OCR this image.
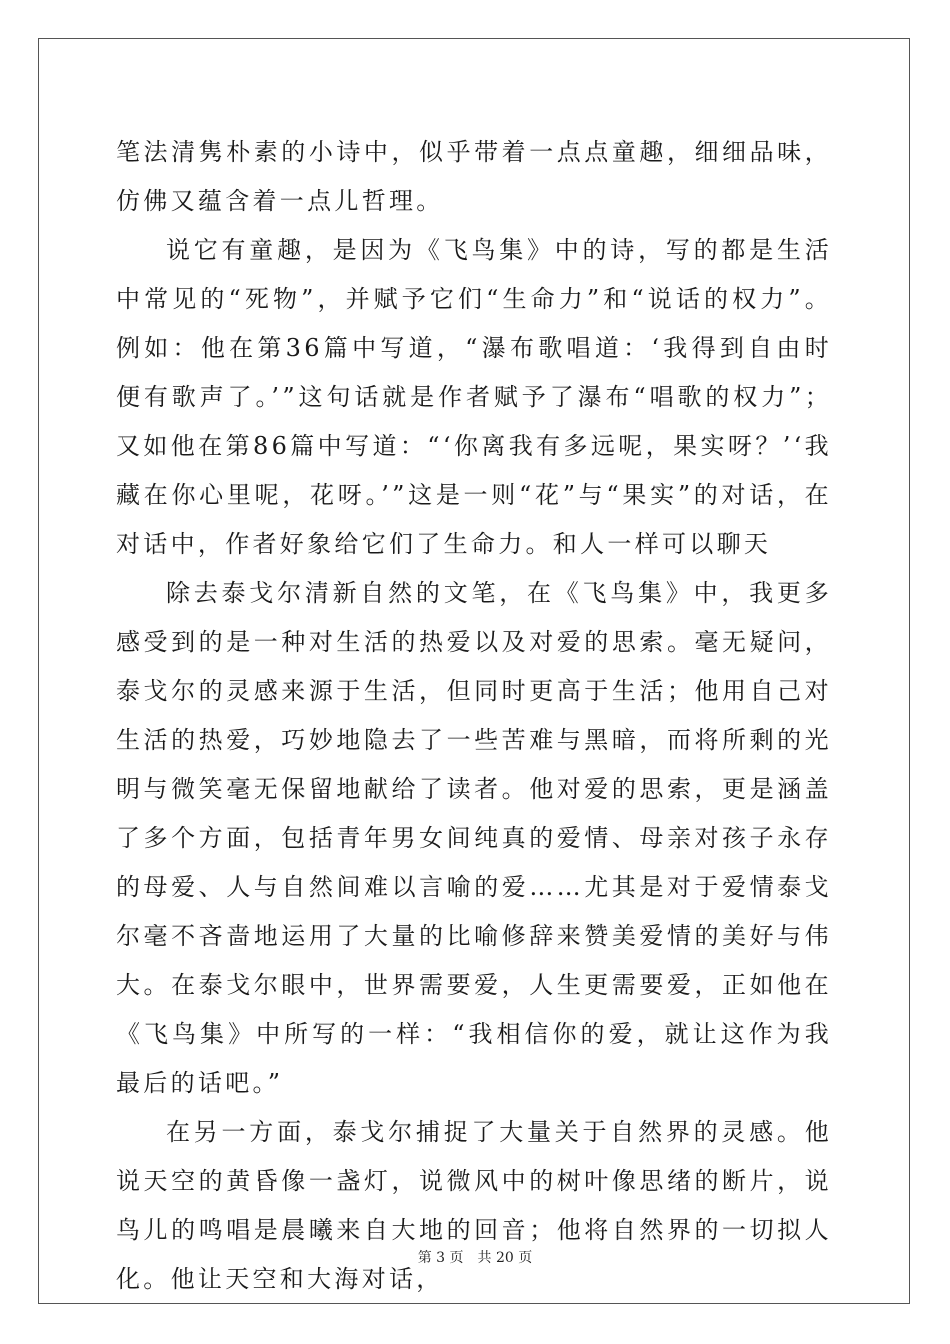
笔法清隽朴素的小诗中，似乎带着一点点童趣，细细品味，仿佛又蕴含着一点儿哲理。

说它有童趣，是因为《飞鸟集》中的诗，写的都是生活中常见的“死物”，并赋予它们“生命力”和“说话的权力”。例如：他在第36篇中写道，“瀑布歌唱道：‘我得到自由时便有歌声了。’”这句话就是作者赋予了瀑布“唱歌的权力”；又如他在第86篇中写道：“‘你离我有多远呢，果实呀？’‘我藏在你心里呢，花呀。’”这是一则“花”与“果实”的对话，在对话中，作者好象给它们了生命力。和人一样可以聊天

除去泰戈尔清新自然的文笔，在《飞鸟集》中，我更多感受到的是一种对生活的热爱以及对爱的思索。毫无疑问，泰戈尔的灵感来源于生活，但同时更高于生活；他用自己对生活的热爱，巧妙地隐去了一些苦难与黑暗，而将所剩的光明与微笑毫无保留地献给了读者。他对爱的思索，更是涵盖了多个方面，包括青年男女间纯真的爱情、母亲对孩子永存的母爱、人与自然间难以言喻的爱……尤其是对于爱情泰戈尔毫不吝啬地运用了大量的比喻修辞来赞美爱情的美好与伟大。在泰戈尔眼中，世界需要爱，人生更需要爱，正如他在《飞鸟集》中所写的一样：“我相信你的爱，就让这作为我最后的话吧。”

在另一方面，泰戈尔捕捉了大量关于自然界的灵感。他说天空的黄昏像一盏灯，说微风中的树叶像思绪的断片，说鸟儿的鸣唱是晨曦来自大地的回音；他将自然界的一切拟人化。他让天空和大海对话，

第 3 页　共 20 页
